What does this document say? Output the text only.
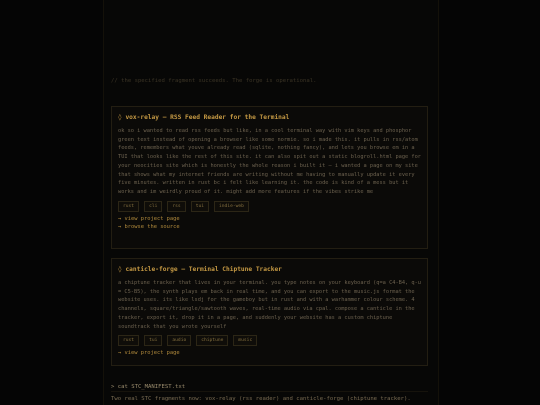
// the specified fragment succeeds. The forge is operational.
◊ vox-relay — RSS Feed Reader for the Terminal

ok so i wanted to read rss feeds but like, in a cool terminal way with vim keys and phosphor green text instead of opening a browser like some normie. so i made this. it pulls in rss/atom feeds, remembers what youve already read (sqlite, nothing fancy), and lets you browse em in a TUI that looks like the rest of this site. it can also spit out a static blogroll.html page for your neocities site which is honestly the whole reason i built it — i wanted a page on my site that shows what my internet friends are writing without me having to manually update it every five minutes. written in rust bc i felt like learning it. the code is kind of a mess but it works and im weirdly proud of it. might add more features if the vibes strike me

rust	cli	rss	tui	indie-web
→ view project page
→ browse the source
◊ canticle-forge — Terminal Chiptune Tracker

a chiptune tracker that lives in your terminal. you type notes on your keyboard (q=a C4-B4, q-u = C5-B5), the synth plays em back in real time, and you can export to the music.js format the website uses. its like lsdj for the gameboy but in rust and with a warhammer colour scheme. 4 channels, square/triangle/sawtooth waves, real-time audio via cpal. compose a canticle in the tracker, export it, drop it in a page, and suddenly your website has a custom chiptune soundtrack that you wrote yourself

rust	tui	audio	chiptune	music
→ view project page
> cat STC_MANIFEST.txt
Two real STC fragments now: vox-relay (rss reader) and canticle-forge (chiptune tracker).
